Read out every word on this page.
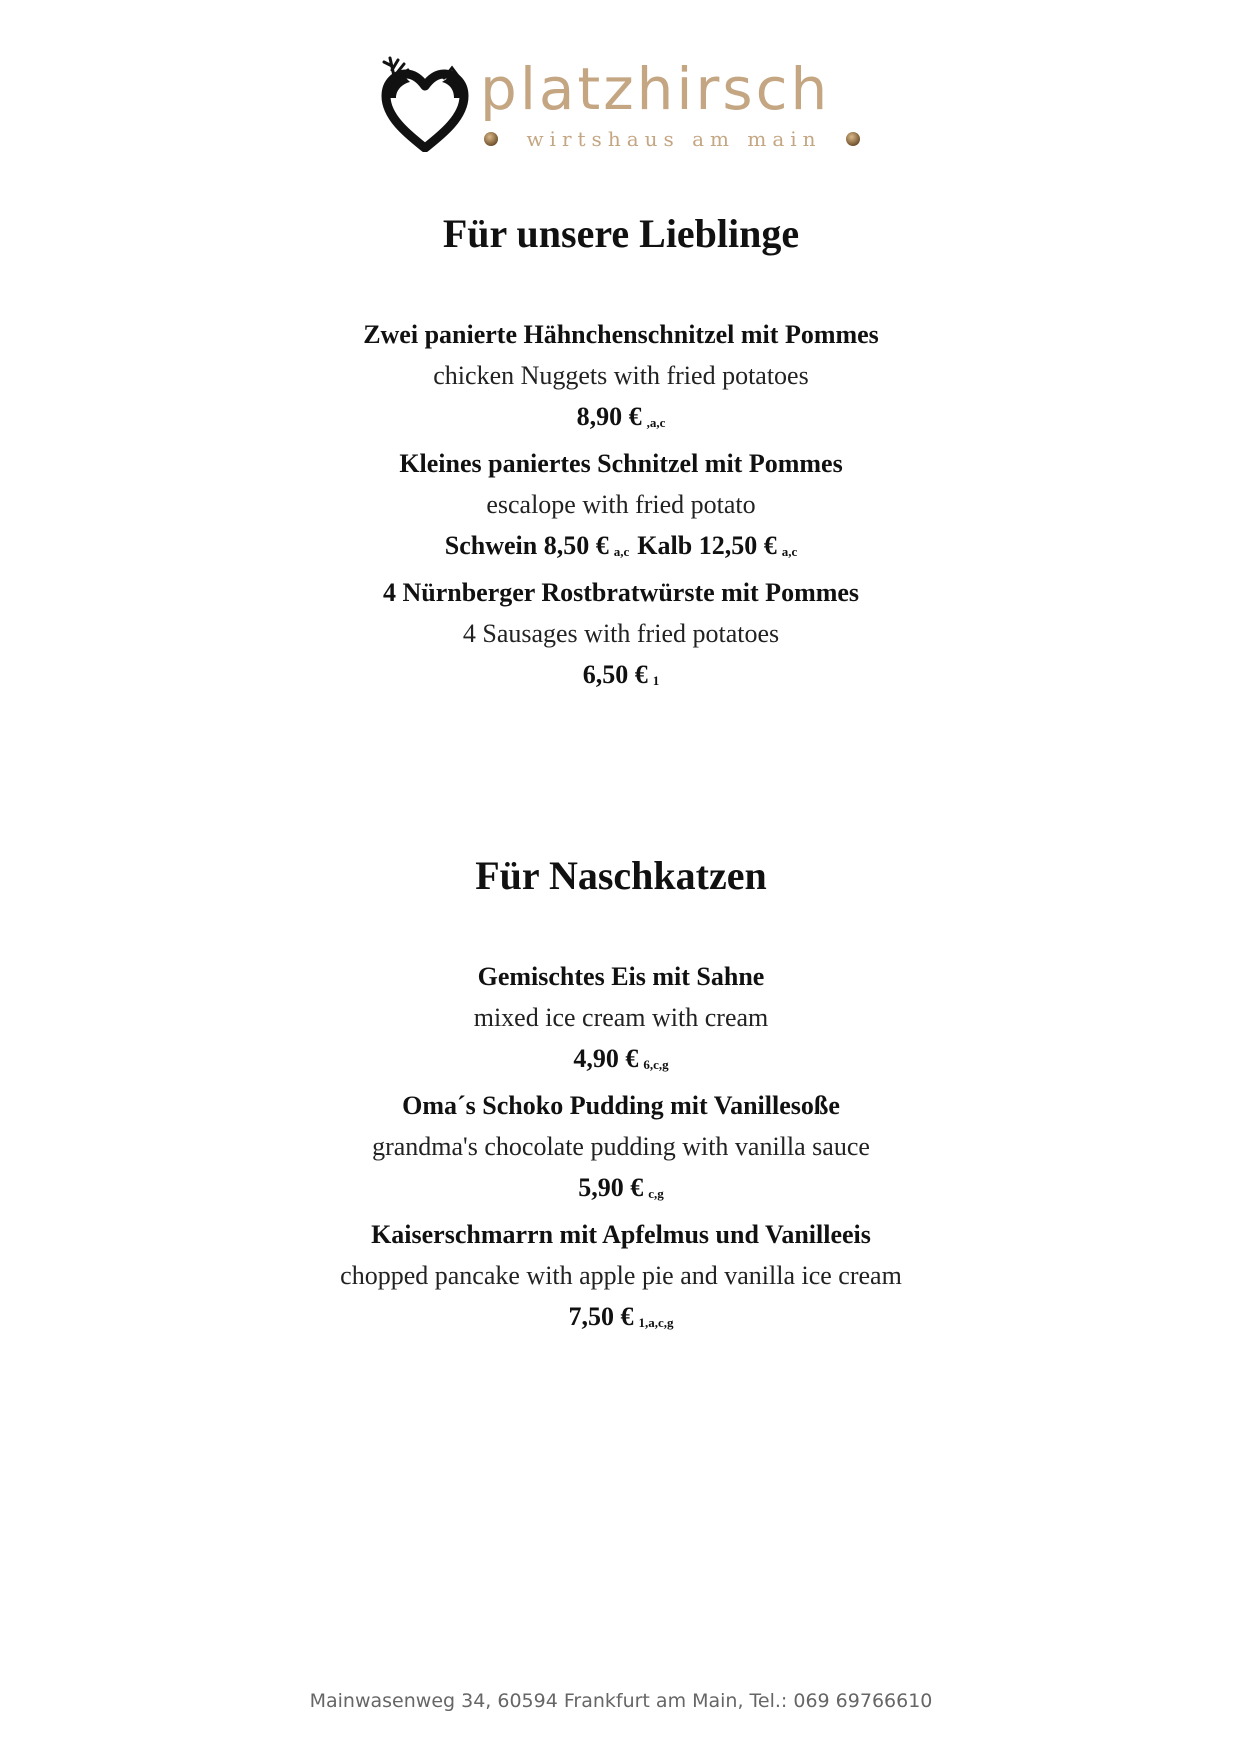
platzhirsch
wirtshaus am main
Für unsere Lieblinge

Zwei panierte Hähnchenschnitzel mit Pommes

chicken Nuggets with fried potatoes

8,90 € ,a,c

Kleines paniertes Schnitzel mit Pommes

escalope with fried potato

Schwein 8,50 € a,c Kalb 12,50 € a,c

4 Nürnberger Rostbratwürste mit Pommes

4 Sausages with fried potatoes

6,50 € 1

Für Naschkatzen

Gemischtes Eis mit Sahne

mixed ice cream with cream

4,90 € 6,c,g

Oma´s Schoko Pudding mit Vanillesoße

grandma's chocolate pudding with vanilla sauce

5,90 € c,g

Kaiserschmarrn mit Apfelmus und Vanilleeis

chopped pancake with apple pie and vanilla ice cream

7,50 € 1,a,c,g

Mainwasenweg 34, 60594 Frankfurt am Main, Tel.: 069 69766610
